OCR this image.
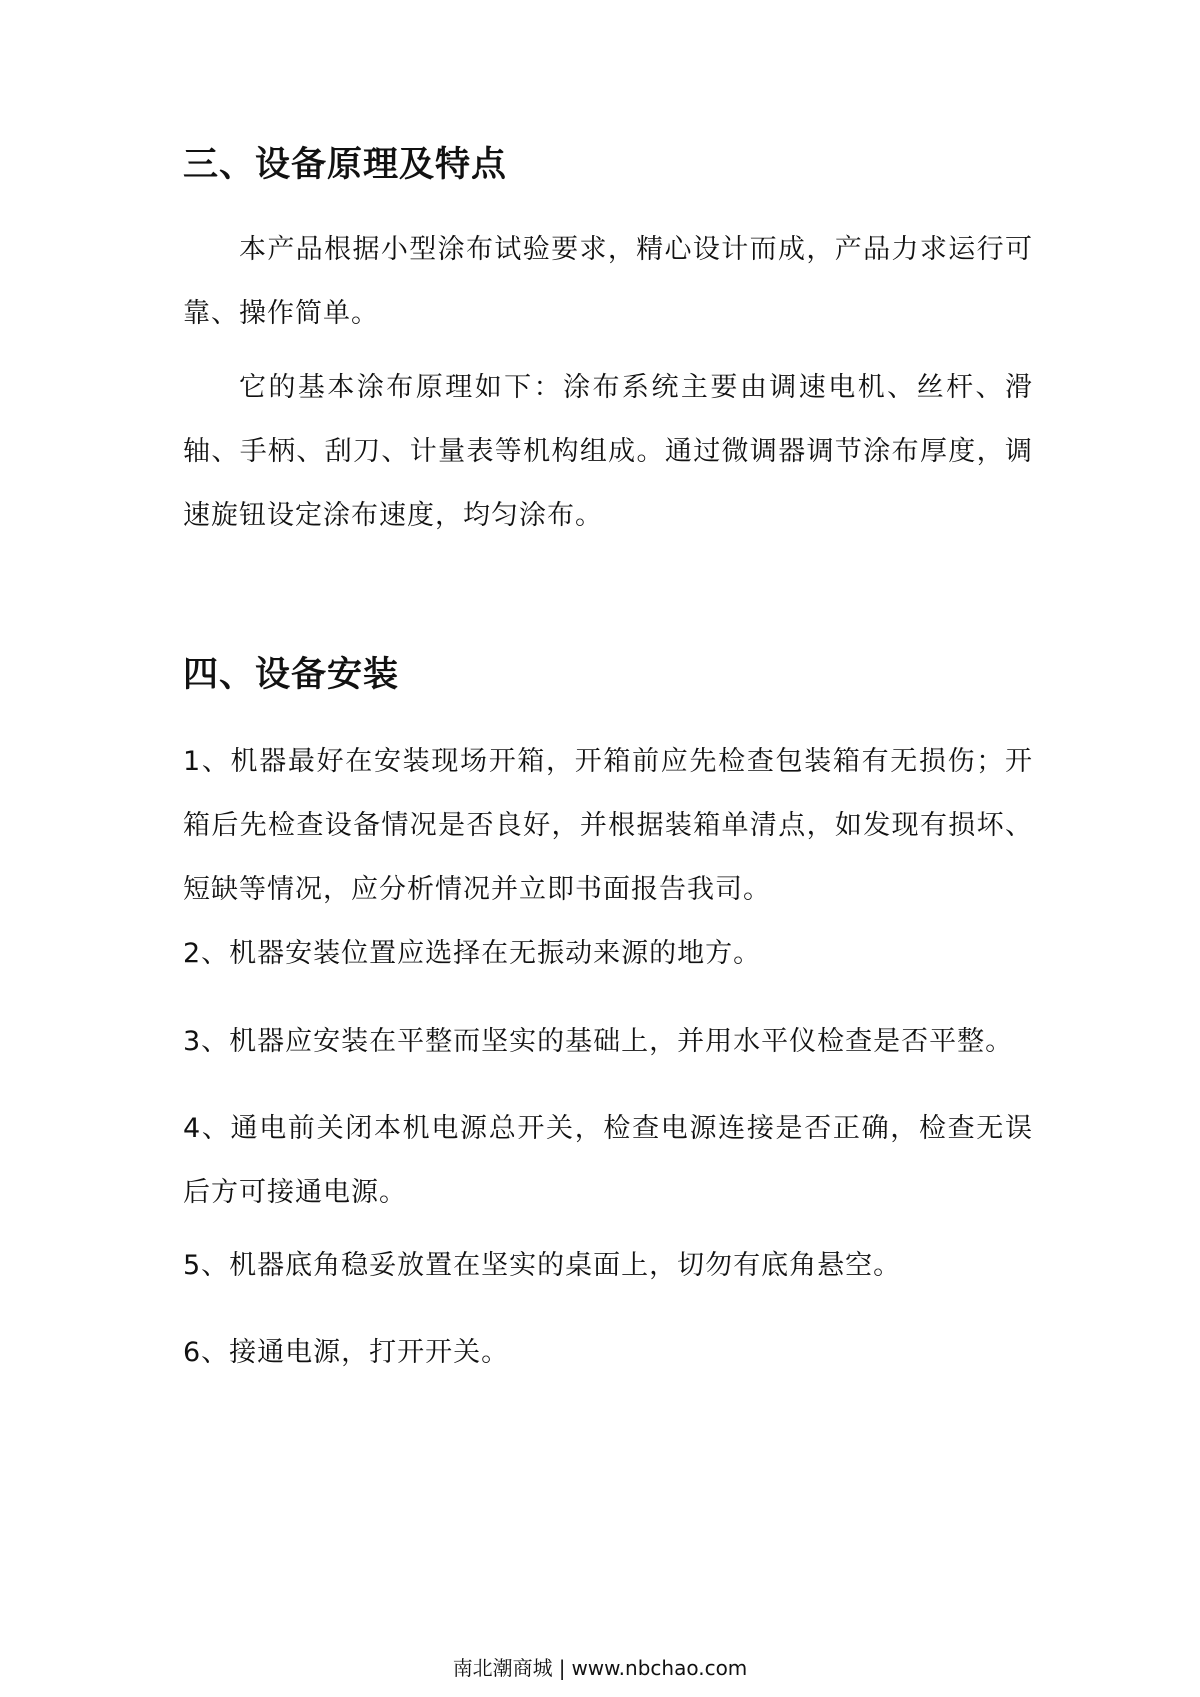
三、设备原理及特点

本产品根据小型涂布试验要求，精心设计而成，产品力求运行可靠、操作简单。

它的基本涂布原理如下：涂布系统主要由调速电机、丝杆、滑轴、手柄、刮刀、计量表等机构组成。通过微调器调节涂布厚度，调速旋钮设定涂布速度，均匀涂布。

四、设备安装

1、机器最好在安装现场开箱，开箱前应先检查包装箱有无损伤；开箱后先检查设备情况是否良好，并根据装箱单清点，如发现有损坏、短缺等情况，应分析情况并立即书面报告我司。

2、机器安装位置应选择在无振动来源的地方。

3、机器应安装在平整而坚实的基础上，并用水平仪检查是否平整。

4、通电前关闭本机电源总开关，检查电源连接是否正确，检查无误后方可接通电源。

5、机器底角稳妥放置在坚实的桌面上，切勿有底角悬空。

6、接通电源，打开开关。

南北潮商城 | www.nbchao.com
